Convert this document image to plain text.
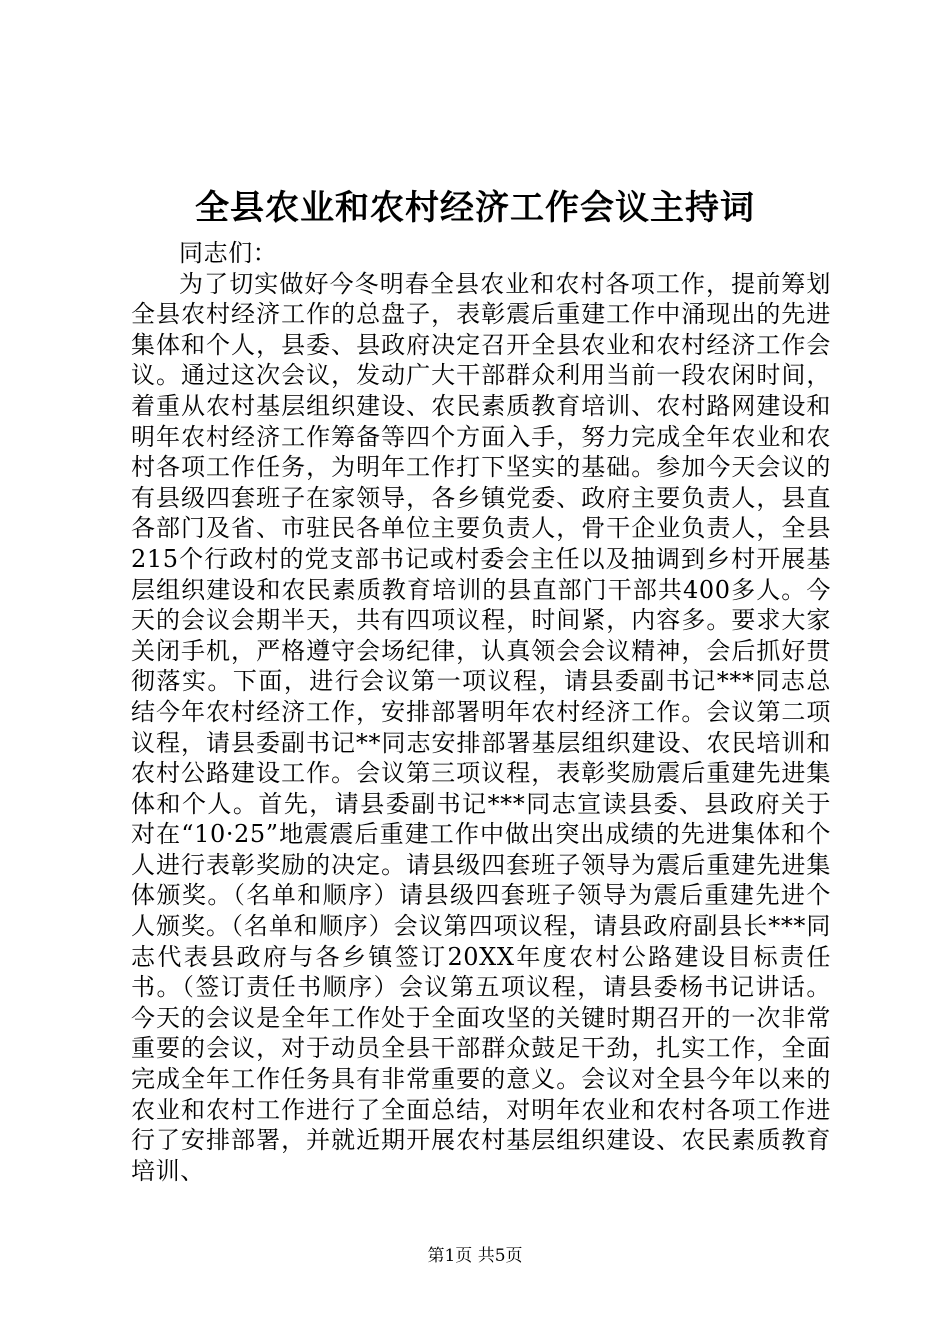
全县农业和农村经济工作会议主持词

同志们：

为了切实做好今冬明春全县农业和农村各项工作，提前筹划全县农村经济工作的总盘子，表彰震后重建工作中涌现出的先进集体和个人，县委、县政府决定召开全县农业和农村经济工作会议。通过这次会议，发动广大干部群众利用当前一段农闲时间，着重从农村基层组织建设、农民素质教育培训、农村路网建设和明年农村经济工作筹备等四个方面入手，努力完成全年农业和农村各项工作任务，为明年工作打下坚实的基础。参加今天会议的有县级四套班子在家领导，各乡镇党委、政府主要负责人，县直各部门及省、市驻民各单位主要负责人，骨干企业负责人，全县215个行政村的党支部书记或村委会主任以及抽调到乡村开展基层组织建设和农民素质教育培训的县直部门干部共400多人。今天的会议会期半天，共有四项议程，时间紧，内容多。要求大家关闭手机，严格遵守会场纪律，认真领会会议精神，会后抓好贯彻落实。下面，进行会议第一项议程，请县委副书记***同志总结今年农村经济工作，安排部署明年农村经济工作。会议第二项议程，请县委副书记**同志安排部署基层组织建设、农民培训和农村公路建设工作。会议第三项议程，表彰奖励震后重建先进集体和个人。首先，请县委副书记***同志宣读县委、县政府关于对在“10·25”地震震后重建工作中做出突出成绩的先进集体和个人进行表彰奖励的决定。请县级四套班子领导为震后重建先进集体颁奖。（名单和顺序）请县级四套班子领导为震后重建先进个人颁奖。（名单和顺序）会议第四项议程，请县政府副县长***同志代表县政府与各乡镇签订20XX年度农村公路建设目标责任书。（签订责任书顺序）会议第五项议程，请县委杨书记讲话。今天的会议是全年工作处于全面攻坚的关键时期召开的一次非常重要的会议，对于动员全县干部群众鼓足干劲，扎实工作，全面完成全年工作任务具有非常重要的意义。会议对全县今年以来的农业和农村工作进行了全面总结，对明年农业和农村各项工作进行了安排部署，并就近期开展农村基层组织建设、农民素质教育培训、

第1页 共5页
